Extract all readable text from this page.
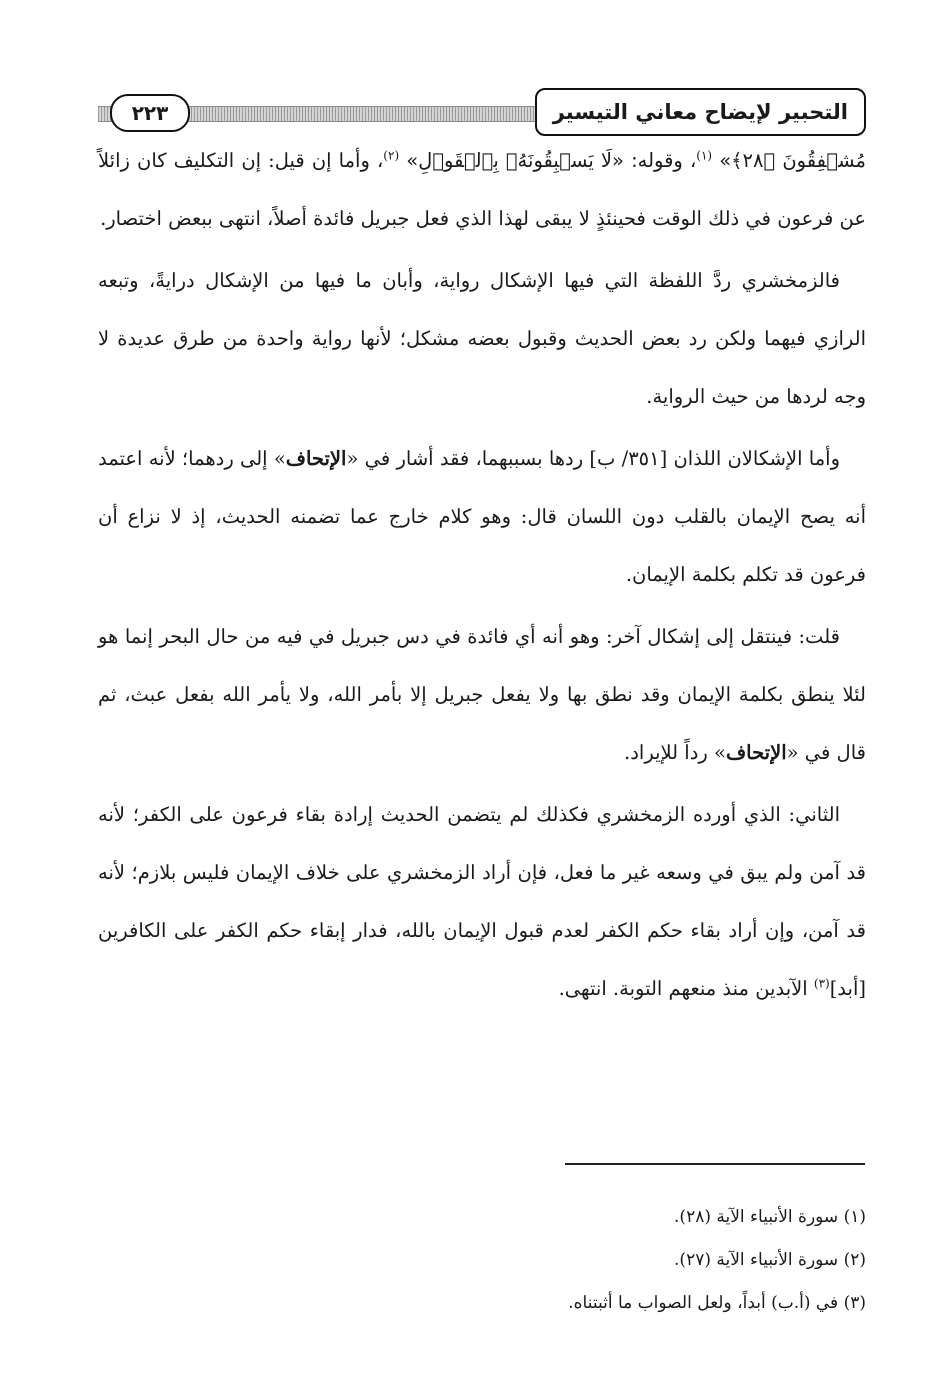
٢٢٣	التحبير لإيضاح معاني التيسير

مُشۡفِقُونَ ﴿٢٨﴾» $^{(١)}$، وقوله: «لَا يَسۡبِقُونَهُۥ بِٱلۡقَوۡلِ» $^{(٢)}$، وأما إن قيل: إن التكليف كان زائلاً عن فرعون في ذلك الوقت فحينئذٍ لا يبقى لهذا الذي فعل جبريل فائدة أصلاً، انتهى ببعض اختصار.

فالزمخشري ردَّ اللفظة التي فيها الإشكال رواية، وأبان ما فيها من الإشكال درايةً، وتبعه الرازي فيهما ولكن رد بعض الحديث وقبول بعضه مشكل؛ لأنها رواية واحدة من طرق عديدة لا وجه لردها من حيث الرواية.

وأما الإشكالان اللذان [٣٥١/ ب] ردها بسببهما، فقد أشار في «الإتحاف» إلى ردهما؛ لأنه اعتمد أنه يصح الإيمان بالقلب دون اللسان قال: وهو كلام خارج عما تضمنه الحديث، إذ لا نزاع أن فرعون قد تكلم بكلمة الإيمان.

قلت: فينتقل إلى إشكال آخر: وهو أنه أي فائدة في دس جبريل في فيه من حال البحر إنما هو لئلا ينطق بكلمة الإيمان وقد نطق بها ولا يفعل جبريل إلا بأمر الله، ولا يأمر الله بفعل عبث، ثم قال في «الإتحاف» رداً للإيراد.

الثاني: الذي أورده الزمخشري فكذلك لم يتضمن الحديث إرادة بقاء فرعون على الكفر؛ لأنه قد آمن ولم يبق في وسعه غير ما فعل، فإن أراد الزمخشري على خلاف الإيمان فليس بلازم؛ لأنه قد آمن، وإن أراد بقاء حكم الكفر لعدم قبول الإيمان بالله، فدار إبقاء حكم الكفر على الكافرين [أبد]$^{(٣)}$ الآبدين منذ منعهم التوبة. انتهى.

(١) سورة الأنبياء الآية (٢٨).

(٢) سورة الأنبياء الآية (٢٧).

(٣) في (أ.ب) أبداً، ولعل الصواب ما أثبتناه.
